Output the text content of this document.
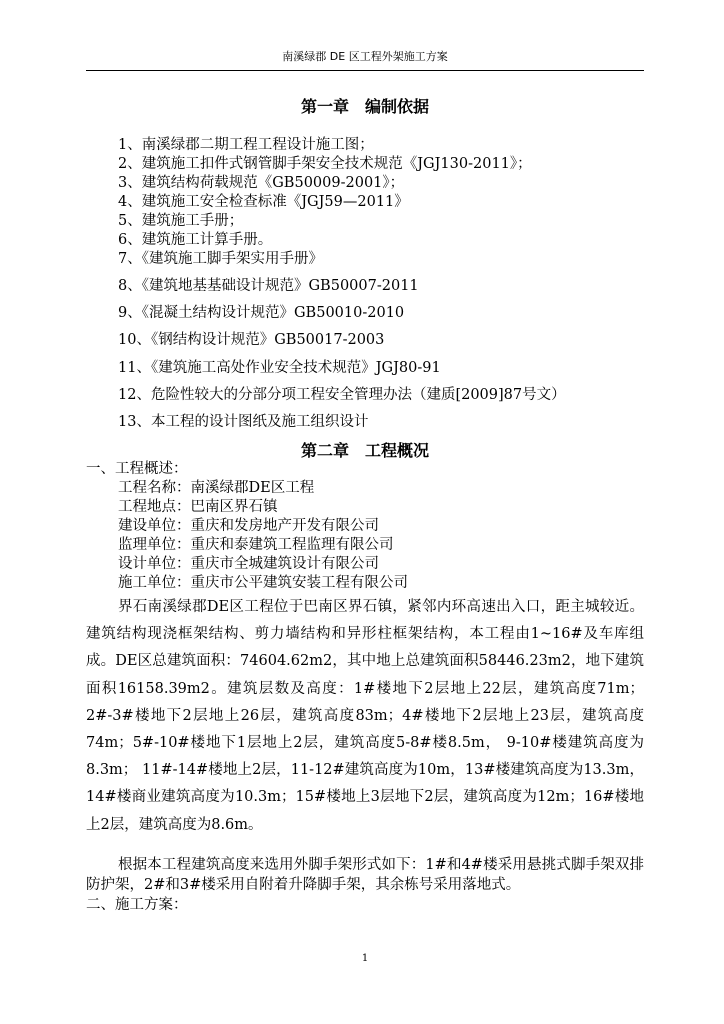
南溪绿郡 DE 区工程外架施工方案
第一章　编制依据
1、南溪绿郡二期工程工程设计施工图；
2、建筑施工扣件式钢管脚手架安全技术规范《JGJ130-2011》；
3、建筑结构荷载规范《GB50009-2001》；
4、建筑施工安全检查标准《JGJ59—2011》
5、建筑施工手册；
6、建筑施工计算手册。
7、《建筑施工脚手架实用手册》
8、《建筑地基基础设计规范》GB50007-2011
9、《混凝土结构设计规范》GB50010-2010
10、《钢结构设计规范》GB50017-2003
11、《建筑施工高处作业安全技术规范》JGJ80-91
12、危险性较大的分部分项工程安全管理办法（建质[2009]87号文）
13、本工程的设计图纸及施工组织设计
第二章　工程概况
一、工程概述：
工程名称：南溪绿郡DE区工程
工程地点：巴南区界石镇
建设单位：重庆和发房地产开发有限公司
监理单位：重庆和泰建筑工程监理有限公司
设计单位：重庆市全城建筑设计有限公司
施工单位：重庆市公平建筑安装工程有限公司

界石南溪绿郡DE区工程位于巴南区界石镇，紧邻内环高速出入口，距主城较近。建筑结构现浇框架结构、剪力墙结构和异形柱框架结构，本工程由1~16#及车库组成。DE区总建筑面积：74604.62m2，其中地上总建筑面积58446.23m2，地下建筑面积16158.39m2。建筑层数及高度：1#楼地下2层地上22层，建筑高度71m；2#-3#楼地下2层地上26层，建筑高度83m；4#楼地下2层地上23层，建筑高度74m；5#-10#楼地下1层地上2层，建筑高度5-8#楼8.5m， 9-10#楼建筑高度为8.3m； 11#-14#楼地上2层，11-12#建筑高度为10m，13#楼建筑高度为13.3m，14#楼商业建筑高度为10.3m；15#楼地上3层地下2层，建筑高度为12m；16#楼地上2层，建筑高度为8.6m。

根据本工程建筑高度来选用外脚手架形式如下：1#和4#楼采用悬挑式脚手架双排防护架，2#和3#楼采用自附着升降脚手架，其余栋号采用落地式。

二、施工方案：
1
